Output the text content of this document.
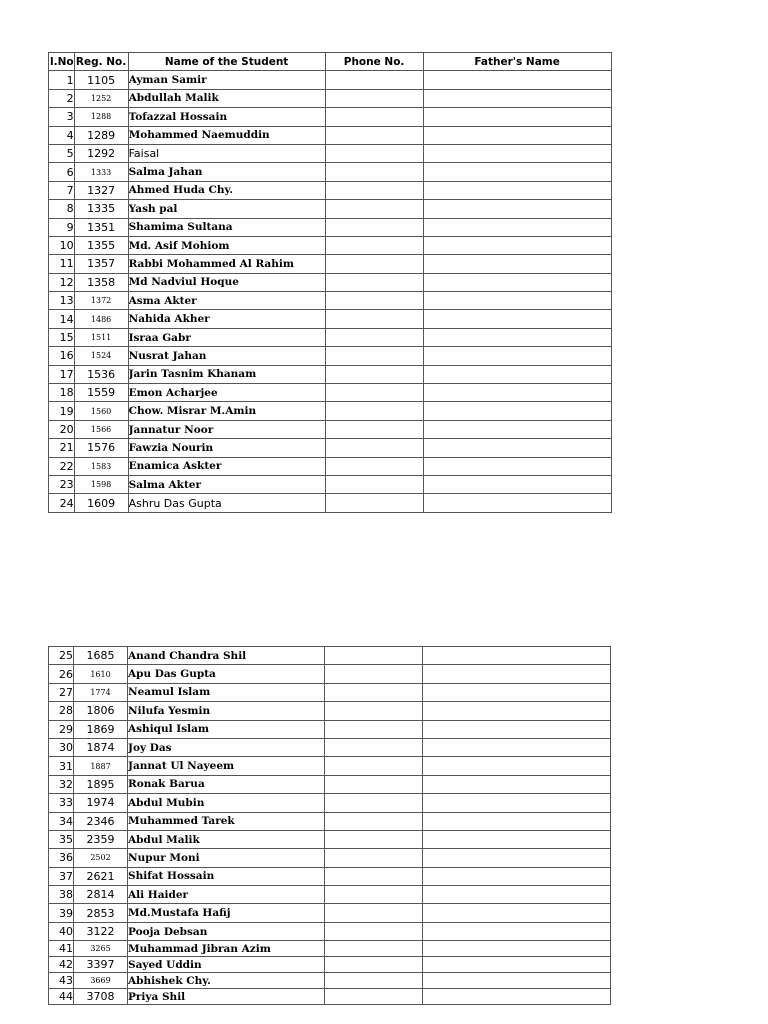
l.No	Reg. No.	Name of the Student	Phone No.	Father's Name
1	1105	Ayman Samir		
2	1252	Abdullah Malik		
3	1288	Tofazzal Hossain		
4	1289	Mohammed Naemuddin		
5	1292	Faisal		
6	1333	Salma Jahan		
7	1327	Ahmed Huda Chy.		
8	1335	Yash pal		
9	1351	Shamima Sultana		
10	1355	Md. Asif Mohiom		
11	1357	Rabbi Mohammed Al Rahim		
12	1358	Md Nadviul Hoque		
13	1372	Asma Akter		
14	1486	Nahida Akher		
15	1511	Israa Gabr		
16	1524	Nusrat Jahan		
17	1536	Jarin Tasnim Khanam		
18	1559	Emon Acharjee		
19	1560	Chow. Misrar M.Amin		
20	1566	Jannatur Noor		
21	1576	Fawzia Nourin		
22	1583	Enamica Askter		
23	1598	Salma Akter		
24	1609	Ashru Das Gupta		
25	1685	Anand Chandra Shil		
26	1610	Apu Das Gupta		
27	1774	Neamul Islam		
28	1806	Nilufa Yesmin		
29	1869	Ashiqul Islam		
30	1874	Joy Das		
31	1887	Jannat Ul Nayeem		
32	1895	Ronak Barua		
33	1974	Abdul Mubin		
34	2346	Muhammed Tarek		
35	2359	Abdul Malik		
36	2502	Nupur Moni		
37	2621	Shifat Hossain		
38	2814	Ali Haider		
39	2853	Md.Mustafa Hafij		
40	3122	Pooja Debsan		
41	3265	Muhammad Jibran Azim		
42	3397	Sayed Uddin		
43	3669	Abhishek Chy.		
44	3708	Priya Shil		
